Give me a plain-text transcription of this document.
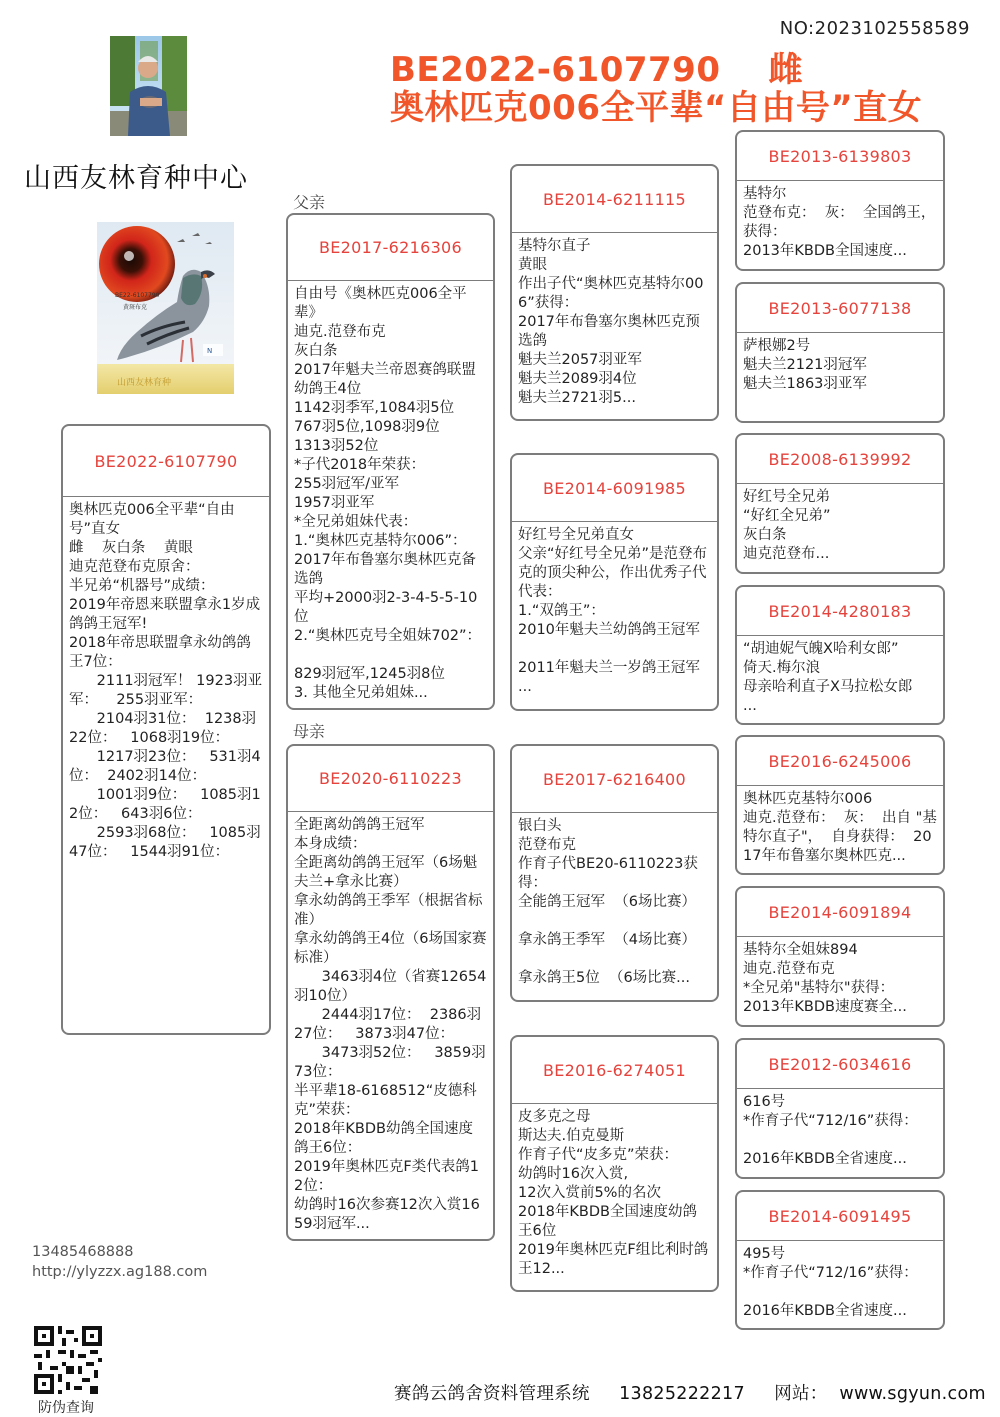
NO:2023102558589
BE2022-6107790 雌
奥林匹克006全平辈“自由号”直女
山西友林育种中心
N
BE22-6107790
黄斑布克
山西友林育种
父亲
母亲
BE2022-6107790
奥林匹克006全平辈“自由号”直女
雌    灰白条    黄眼
迪克范登布克原舍：
半兄弟“机器号”成绩：
2019年帝恩来联盟拿永1岁成鸽鸽王冠军!
2018年帝思联盟拿永幼鸽鸽王7位：
2111羽冠军！ 1923羽亚军：    255羽亚军：
2104羽31位：  1238羽22位：   1068羽19位：
1217羽23位：   531羽4位：  2402羽14位：
1001羽9位：   1085羽12位：   643羽6位：
2593羽68位：   1085羽47位：   1544羽91位：
BE2017-6216306
自由号《奥林匹克006全平辈》
迪克.范登布克
灰白条
2017年魁夫兰帝恩赛鸽联盟幼鸽王4位
1142羽季军,1084羽5位
767羽5位,1098羽9位
1313羽52位
*子代2018年荣获：
255羽冠军/亚军
1957羽亚军
*全兄弟姐妹代表：
1.“奥林匹克基特尔006”：
2017年布鲁塞尔奥林匹克备选鸽
平均+2000羽2-3-4-5-5-10位
2.“奥林匹克号全姐妹702”：

829羽冠军,1245羽8位
3. 其他全兄弟姐妹...
BE2020-6110223
全距离幼鸽鸽王冠军
本身成绩：
全距离幼鸽鸽王冠军（6场魁夫兰+拿永比赛）
拿永幼鸽鸽王季军（根据省标准）
拿永幼鸽鸽王4位（6场国家赛标准）
3463羽4位（省赛12654羽10位）
2444羽17位：  2386羽27位：   3873羽47位：
3473羽52位：   3859羽73位：
半平辈18-6168512“皮德科克”荣获：
2018年KBDB幼鸽全国速度鸽王6位：
2019年奥林匹克F类代表鸽12位：
幼鸽时16次参赛12次入赏1659羽冠军...
BE2014-6211115
基特尔直子
黄眼
作出子代“奥林匹克基特尔006”获得：
2017年布鲁塞尔奥林匹克预选鸽
魁夫兰2057羽亚军
魁夫兰2089羽4位
魁夫兰2721羽5...
BE2014-6091985
好红号全兄弟直女
父亲“好红号全兄弟”是范登布克的顶尖种公，作出优秀子代代表：
1.“双鸽王”：
2010年魁夫兰幼鸽鸽王冠军

2011年魁夫兰一岁鸽王冠军
...
BE2017-6216400
银白头
范登布克
作育子代BE20-6110223获得：
全能鸽王冠军  （6场比赛）

拿永鸽王季军  （4场比赛）

拿永鸽王5位  （6场比赛...
BE2016-6274051
皮多克之母
斯达夫.伯克曼斯
作育子代“皮多克”荣获：
幼鸽时16次入赏,
12次入赏前5%的名次
2018年KBDB全国速度幼鸽王6位
2019年奥林匹克F组比利时鸽王12...
BE2013-6139803
基特尔
范登布克：  灰：  全国鸽王，获得：
2013年KBDB全国速度...
BE2013-6077138
萨根娜2号
魁夫兰2121羽冠军
魁夫兰1863羽亚军
BE2008-6139992
好红号全兄弟
“好红全兄弟”
灰白条
迪克范登布...
BE2014-4280183
“胡迪妮气魄X哈利女郎”
倚天.梅尔浪
母亲哈利直子X马拉松女郎
...
BE2016-6245006
奥林匹克基特尔006
迪克.范登布：  灰：  出自 "基特尔直子"，  自身获得：  2017年布鲁塞尔奥林匹克...
BE2014-6091894
基特尔全姐妹894
迪克.范登布克
*全兄弟"基特尔"获得：
2013年KBDB速度赛全...
BE2012-6034616
616号
*作育子代“712/16”获得：

2016年KBDB全省速度...
BE2014-6091495
495号
*作育子代“712/16”获得：

2016年KBDB全省速度...
13485468888
http://ylyzzx.ag188.com
防伪查询
赛鸽云鸽舍资料管理系统     13825222217     网站：  www.sgyun.com
